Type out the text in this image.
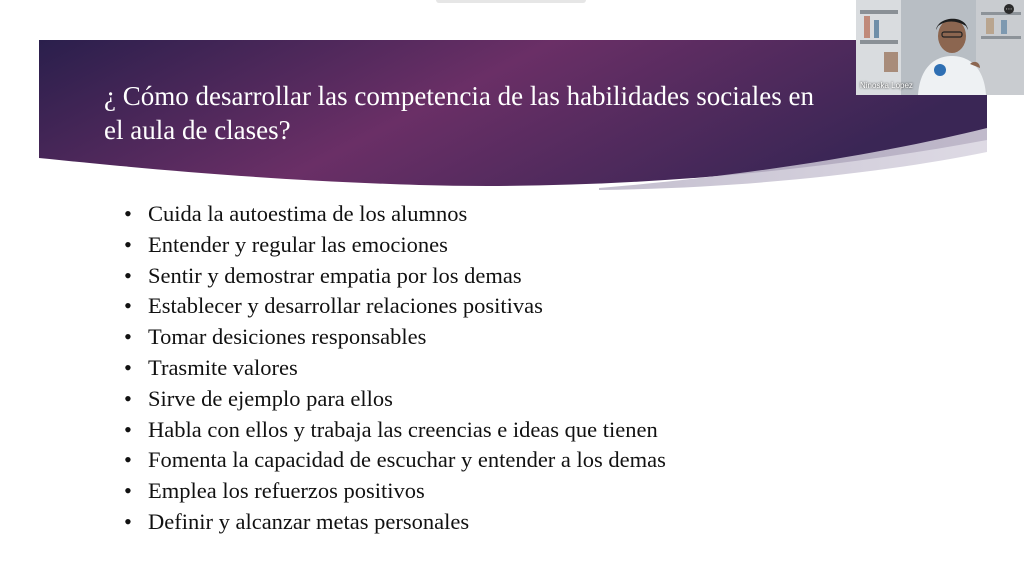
¿ Cómo desarrollar las competencia de las habilidades sociales en el aula de clases?
• Cuida la autoestima de los alumnos
• Entender y regular las emociones
• Sentir y demostrar empatia por los demas
• Establecer y desarrollar relaciones positivas
• Tomar desiciones responsables
• Trasmite valores
• Sirve de ejemplo para ellos
• Habla con ellos y trabaja las creencias e ideas que tienen
• Fomenta la capacidad de escuchar y entender a los demas
• Emplea los refuerzos positivos
• Definir y alcanzar metas personales
Ninoska Lopez
⋯
